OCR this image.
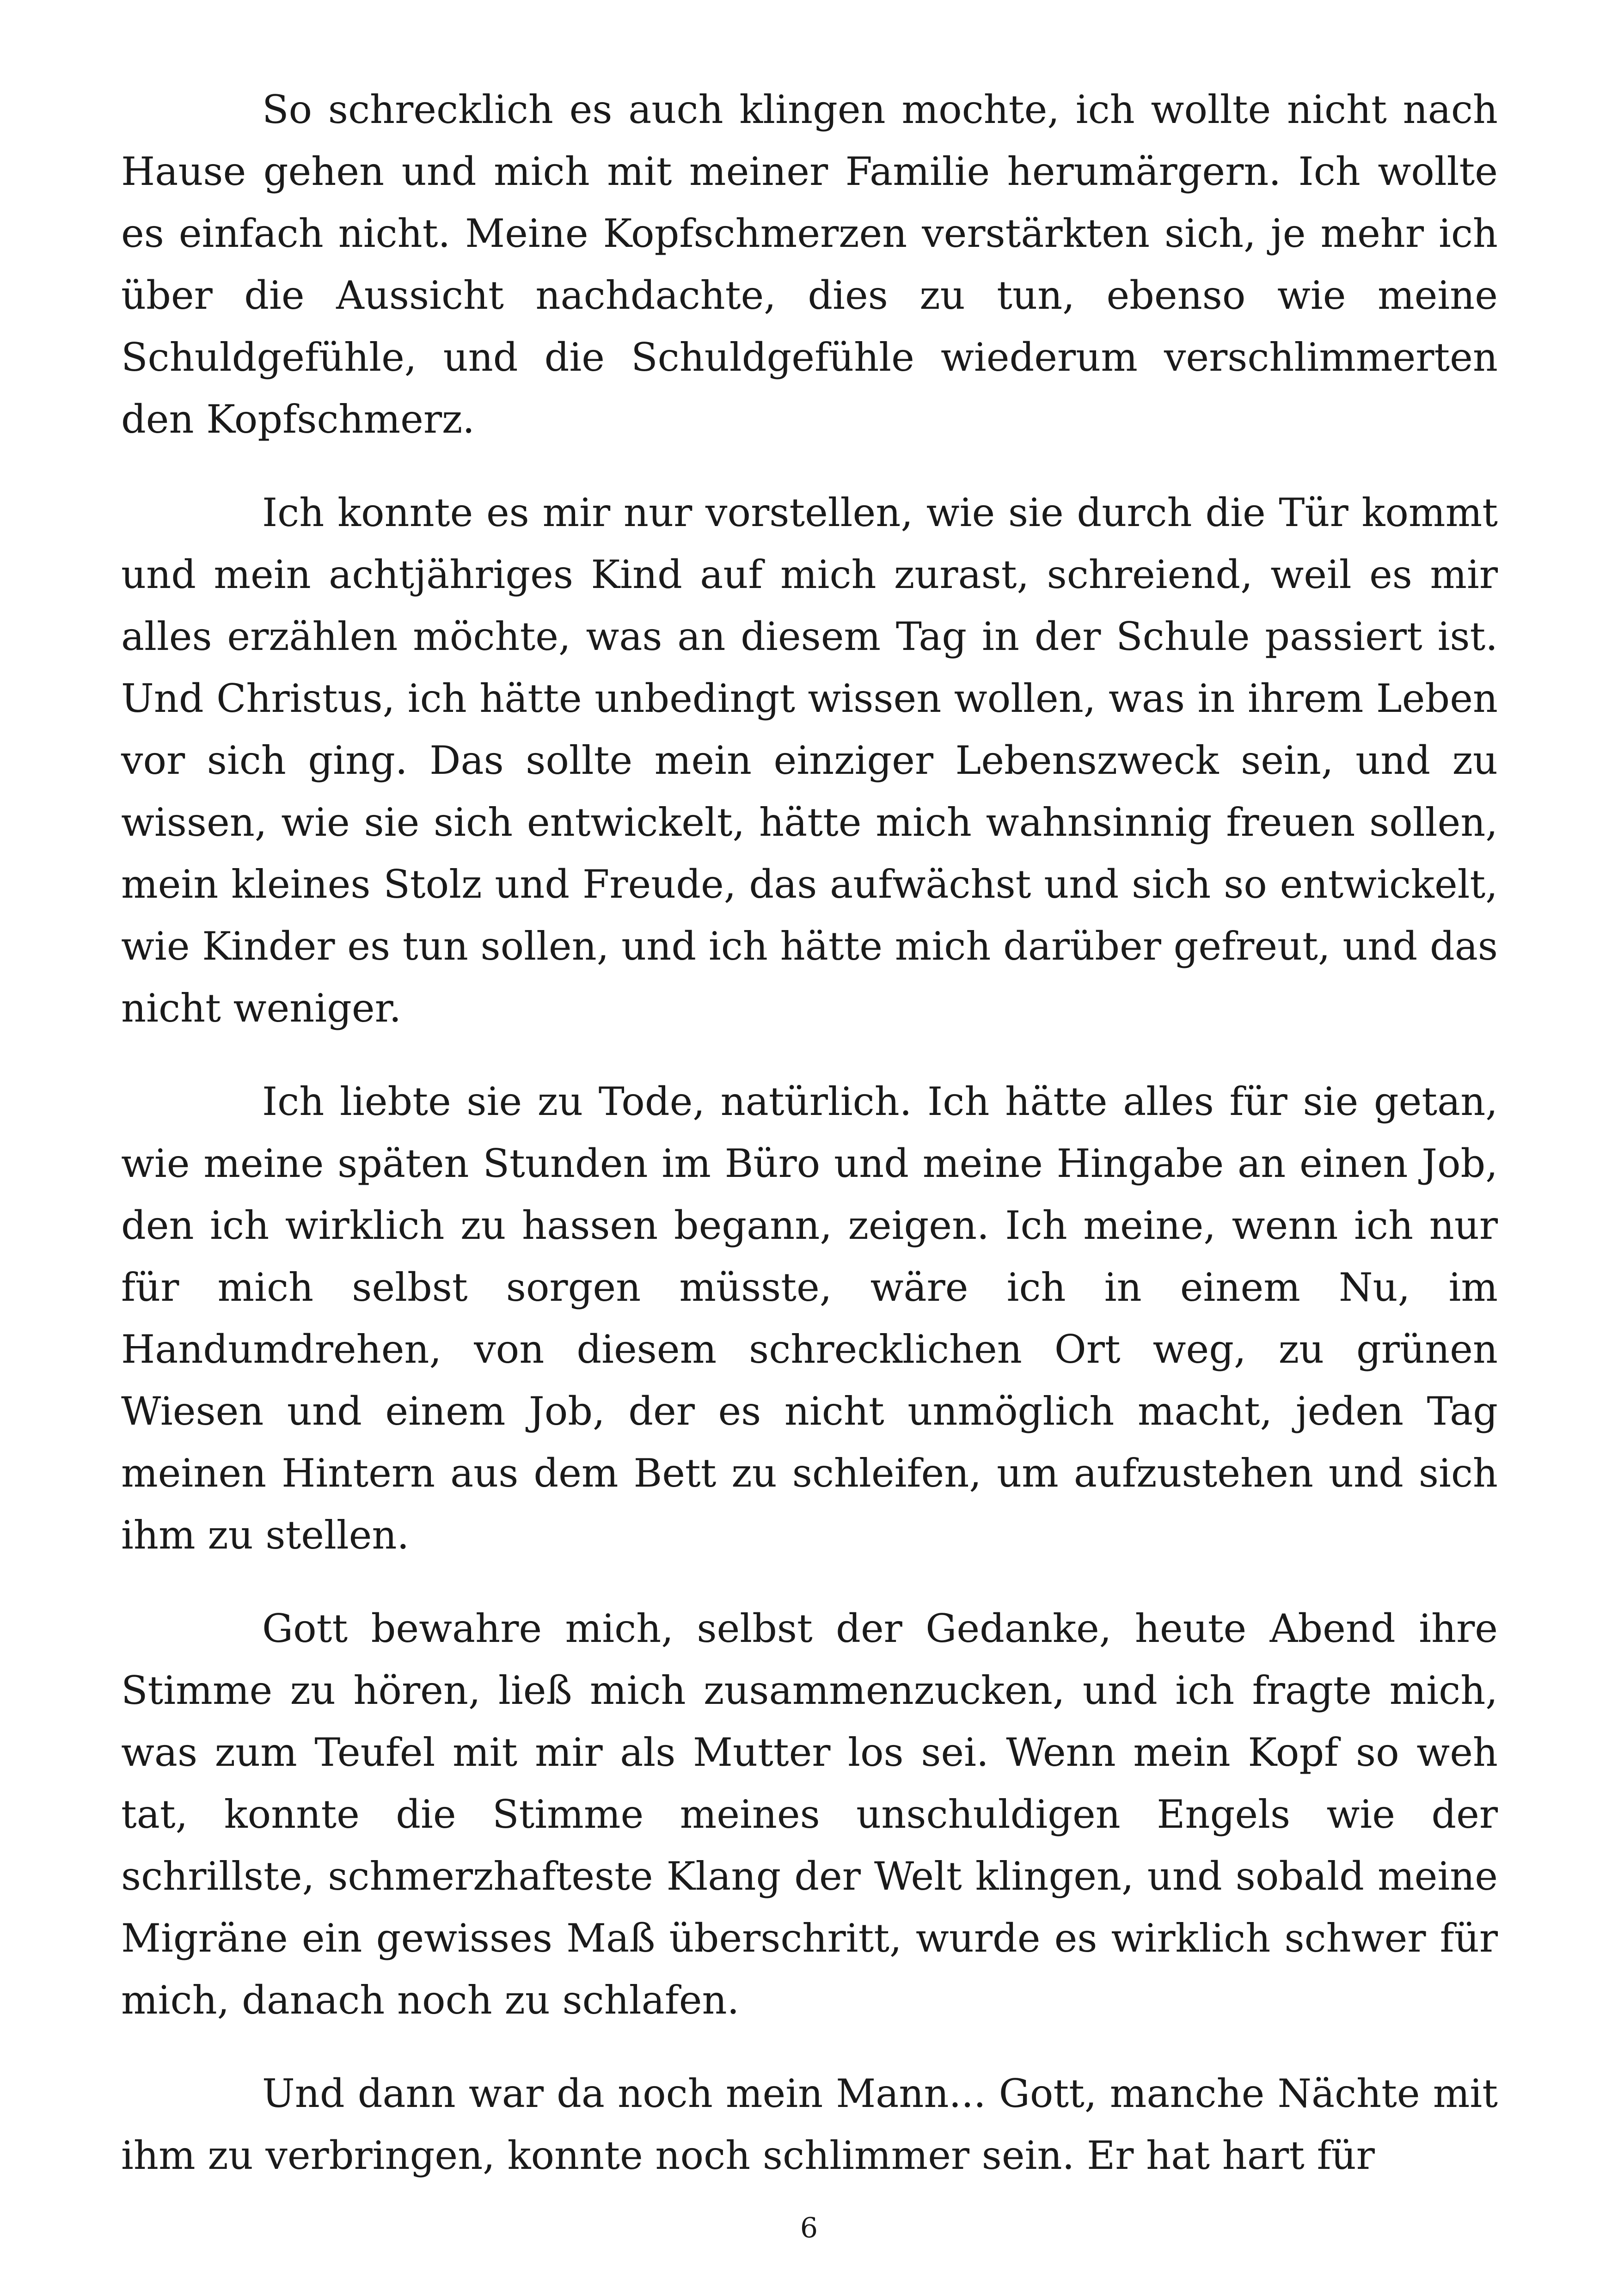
So schrecklich es auch klingen mochte, ich wollte nicht nach Hause gehen und mich mit meiner Familie herumärgern. Ich wollte es einfach nicht. Meine Kopfschmerzen verstärkten sich, je mehr ich über die Aussicht nachdachte, dies zu tun, ebenso wie meine Schuldgefühle, und die Schuldgefühle wiederum verschlimmerten den Kopfschmerz.

Ich konnte es mir nur vorstellen, wie sie durch die Tür kommt und mein achtjähriges Kind auf mich zurast, schreiend, weil es mir alles erzählen möchte, was an diesem Tag in der Schule passiert ist. Und Christus, ich hätte unbedingt wissen wollen, was in ihrem Leben vor sich ging. Das sollte mein einziger Lebenszweck sein, und zu wissen, wie sie sich entwickelt, hätte mich wahnsinnig freuen sollen, mein kleines Stolz und Freude, das aufwächst und sich so entwickelt, wie Kinder es tun sollen, und ich hätte mich darüber gefreut, und das nicht weniger.

Ich liebte sie zu Tode, natürlich. Ich hätte alles für sie getan, wie meine späten Stunden im Büro und meine Hingabe an einen Job, den ich wirklich zu hassen begann, zeigen. Ich meine, wenn ich nur für mich selbst sorgen müsste, wäre ich in einem Nu, im Handumdrehen, von diesem schrecklichen Ort weg, zu grünen Wiesen und einem Job, der es nicht unmöglich macht, jeden Tag meinen Hintern aus dem Bett zu schleifen, um aufzustehen und sich ihm zu stellen.

Gott bewahre mich, selbst der Gedanke, heute Abend ihre Stimme zu hören, ließ mich zusammenzucken, und ich fragte mich, was zum Teufel mit mir als Mutter los sei. Wenn mein Kopf so weh tat, konnte die Stimme meines unschuldigen Engels wie der schrillste, schmerzhafteste Klang der Welt klingen, und sobald meine Migräne ein gewisses Maß überschritt, wurde es wirklich schwer für mich, danach noch zu schlafen.

Und dann war da noch mein Mann... Gott, manche Nächte mit ihm zu verbringen, konnte noch schlimmer sein. Er hat hart für

6
